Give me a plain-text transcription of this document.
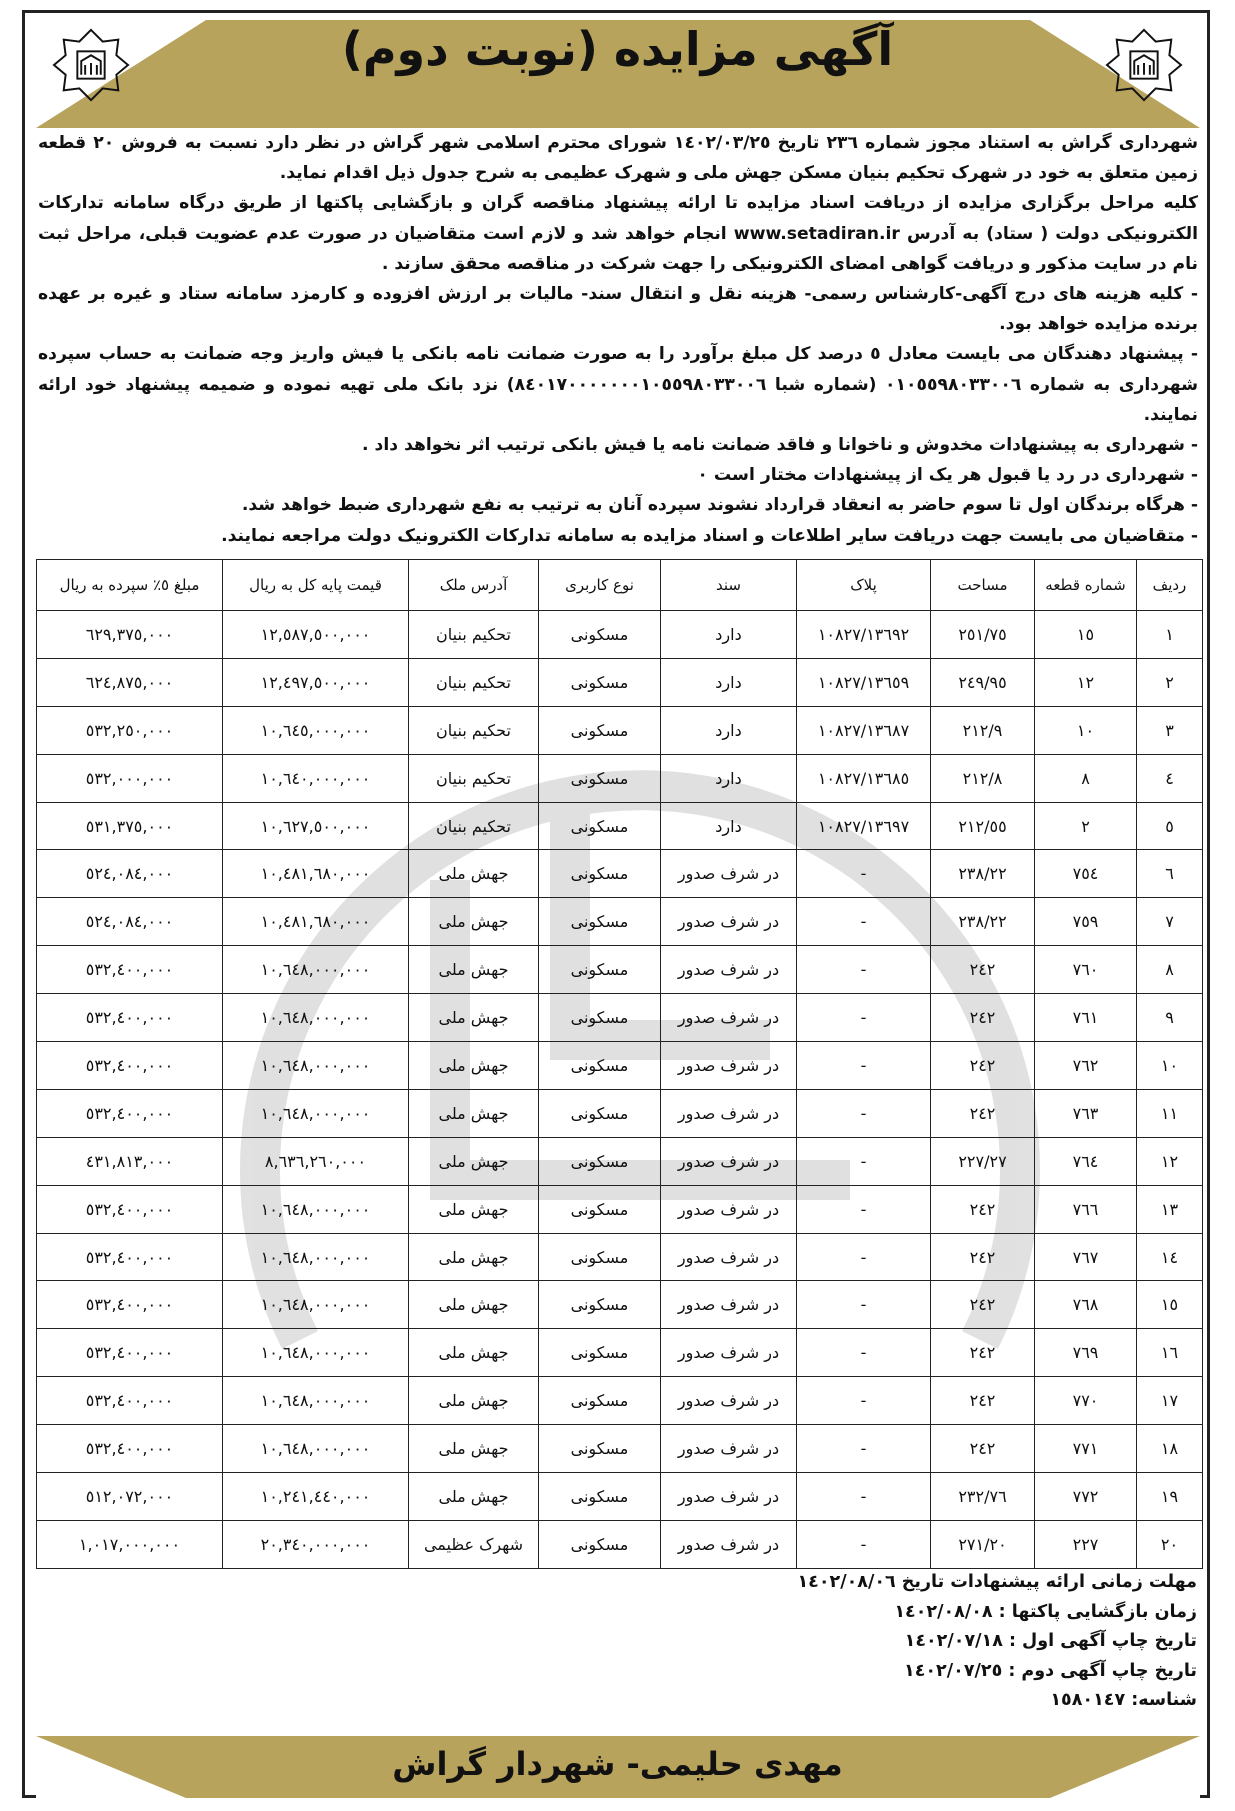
آگهی مزایده (نوبت دوم)

شهرداری گراش به استناد مجوز شماره ٢٣٦ تاریخ ١٤٠٢/٠٣/٢٥ شورای محترم اسلامی شهر گراش در نظر دارد نسبت به فروش ٢٠ قطعه زمین متعلق به خود در شهرک تحکیم بنیان مسکن جهش ملی و شهرک عظیمی به شرح جدول ذیل اقدام نماید.

کلیه مراحل برگزاری مزایده از دریافت اسناد مزایده تا ارائه پیشنهاد مناقصه گران و بازگشایی پاکتها از طریق درگاه سامانه تدارکات الکترونیکی دولت ( ستاد) به آدرس www.setadiran.ir انجام خواهد شد و لازم است متقاضیان در صورت عدم عضویت قبلی، مراحل ثبت نام در سایت مذکور و دریافت گواهی امضای الکترونیکی را جهت شرکت در مناقصه محقق سازند .

- کلیه هزینه های درج آگهی-کارشناس رسمی- هزینه نقل و انتقال سند- مالیات بر ارزش افزوده و کارمزد سامانه ستاد و غیره بر عهده برنده مزایده خواهد بود.

- پیشنهاد دهندگان می بایست معادل ٥ درصد کل مبلغ برآورد را به صورت ضمانت نامه بانکی یا فیش واریز وجه ضمانت به حساب سپرده شهرداری به شماره ٠١٠٥٥٩٨٠٣٣٠٠٦ (شماره شبا ٨٤٠١٧٠٠٠٠٠٠٠١٠٥٥٩٨٠٣٣٠٠٦) نزد بانک ملی تهیه نموده و ضمیمه پیشنهاد خود ارائه نمایند.

- شهرداری به پیشنهادات مخدوش و ناخوانا و فاقد ضمانت نامه یا فیش بانکی ترتیب اثر نخواهد داد .

- شهرداری در رد یا قبول هر یک از پیشنهادات مختار است ٠

- هرگاه برندگان اول تا سوم حاضر به انعقاد قرارداد نشوند سپرده آنان به ترتیب به نفع شهرداری ضبط خواهد شد.

- متقاضیان می بایست جهت دریافت سایر اطلاعات و اسناد مزایده به سامانه تدارکات الکترونیک دولت مراجعه نمایند.

ردیف	شماره قطعه	مساحت	پلاک	سند	نوع کاربری	آدرس ملک	قیمت پایه کل به ریال	مبلغ ٥٪ سپرده به ریال
١	١٥	٢٥١/٧٥	١٠٨٢٧/١٣٦٩٢	دارد	مسکونی	تحکیم بنیان	١٢,٥٨٧,٥٠٠,٠٠٠	٦٢٩,٣٧٥,٠٠٠
٢	١٢	٢٤٩/٩٥	١٠٨٢٧/١٣٦٥٩	دارد	مسکونی	تحکیم بنیان	١٢,٤٩٧,٥٠٠,٠٠٠	٦٢٤,٨٧٥,٠٠٠
٣	١٠	٢١٢/٩	١٠٨٢٧/١٣٦٨٧	دارد	مسکونی	تحکیم بنیان	١٠,٦٤٥,٠٠٠,٠٠٠	٥٣٢,٢٥٠,٠٠٠
٤	٨	٢١٢/٨	١٠٨٢٧/١٣٦٨٥	دارد	مسکونی	تحکیم بنیان	١٠,٦٤٠,٠٠٠,٠٠٠	٥٣٢,٠٠٠,٠٠٠
٥	٢	٢١٢/٥٥	١٠٨٢٧/١٣٦٩٧	دارد	مسکونی	تحکیم بنیان	١٠,٦٢٧,٥٠٠,٠٠٠	٥٣١,٣٧٥,٠٠٠
٦	٧٥٤	٢٣٨/٢٢	-	در شرف صدور	مسکونی	جهش ملی	١٠,٤٨١,٦٨٠,٠٠٠	٥٢٤,٠٨٤,٠٠٠
٧	٧٥٩	٢٣٨/٢٢	-	در شرف صدور	مسکونی	جهش ملی	١٠,٤٨١,٦٨٠,٠٠٠	٥٢٤,٠٨٤,٠٠٠
٨	٧٦٠	٢٤٢	-	در شرف صدور	مسکونی	جهش ملی	١٠,٦٤٨,٠٠٠,٠٠٠	٥٣٢,٤٠٠,٠٠٠
٩	٧٦١	٢٤٢	-	در شرف صدور	مسکونی	جهش ملی	١٠,٦٤٨,٠٠٠,٠٠٠	٥٣٢,٤٠٠,٠٠٠
١٠	٧٦٢	٢٤٢	-	در شرف صدور	مسکونی	جهش ملی	١٠,٦٤٨,٠٠٠,٠٠٠	٥٣٢,٤٠٠,٠٠٠
١١	٧٦٣	٢٤٢	-	در شرف صدور	مسکونی	جهش ملی	١٠,٦٤٨,٠٠٠,٠٠٠	٥٣٢,٤٠٠,٠٠٠
١٢	٧٦٤	٢٢٧/٢٧	-	در شرف صدور	مسکونی	جهش ملی	٨,٦٣٦,٢٦٠,٠٠٠	٤٣١,٨١٣,٠٠٠
١٣	٧٦٦	٢٤٢	-	در شرف صدور	مسکونی	جهش ملی	١٠,٦٤٨,٠٠٠,٠٠٠	٥٣٢,٤٠٠,٠٠٠
١٤	٧٦٧	٢٤٢	-	در شرف صدور	مسکونی	جهش ملی	١٠,٦٤٨,٠٠٠,٠٠٠	٥٣٢,٤٠٠,٠٠٠
١٥	٧٦٨	٢٤٢	-	در شرف صدور	مسکونی	جهش ملی	١٠,٦٤٨,٠٠٠,٠٠٠	٥٣٢,٤٠٠,٠٠٠
١٦	٧٦٩	٢٤٢	-	در شرف صدور	مسکونی	جهش ملی	١٠,٦٤٨,٠٠٠,٠٠٠	٥٣٢,٤٠٠,٠٠٠
١٧	٧٧٠	٢٤٢	-	در شرف صدور	مسکونی	جهش ملی	١٠,٦٤٨,٠٠٠,٠٠٠	٥٣٢,٤٠٠,٠٠٠
١٨	٧٧١	٢٤٢	-	در شرف صدور	مسکونی	جهش ملی	١٠,٦٤٨,٠٠٠,٠٠٠	٥٣٢,٤٠٠,٠٠٠
١٩	٧٧٢	٢٣٢/٧٦	-	در شرف صدور	مسکونی	جهش ملی	١٠,٢٤١,٤٤٠,٠٠٠	٥١٢,٠٧٢,٠٠٠
٢٠	٢٢٧	٢٧١/٢٠	-	در شرف صدور	مسکونی	شهرک عظیمی	٢٠,٣٤٠,٠٠٠,٠٠٠	١,٠١٧,٠٠٠,٠٠٠
مهلت زمانی ارائه پیشنهادات تاریخ ١٤٠٢/٠٨/٠٦
زمان بازگشایی پاکتها : ١٤٠٢/٠٨/٠٨
تاریخ چاپ آگهی اول : ١٤٠٢/٠٧/١٨
تاریخ چاپ آگهی دوم : ١٤٠٢/٠٧/٢٥
شناسه: ١٥٨٠١٤٧
مهدی حلیمی- شهردار گراش
